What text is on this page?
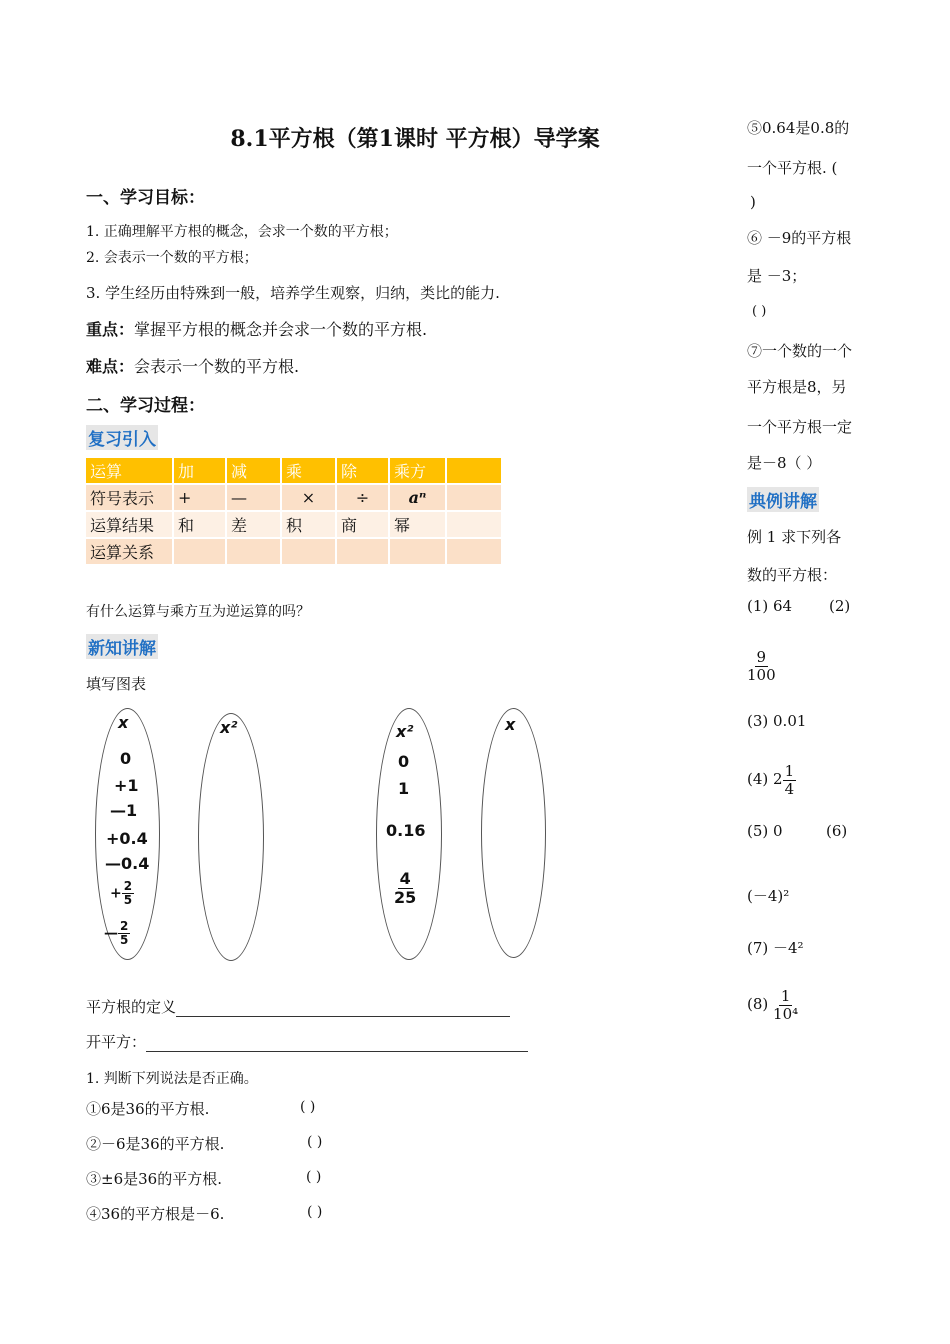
8.1平方根（第1课时 平方根）导学案
一、学习目标：
1. 正确理解平方根的概念，会求一个数的平方根；
2. 会表示一个数的平方根；
3. 学生经历由特殊到一般，培养学生观察，归纳，类比的能力.
重点：掌握平方根的概念并会求一个数的平方根.
难点：会表示一个数的平方根.
二、学习过程：
复习引入
运算	加	减	乘	除	乘方	
符号表示	+	—	×	÷	aⁿ	
运算结果	和	差	积	商	幂	
运算关系						
有什么运算与乘方互为逆运算的吗？
新知讲解
填写图表
x
0
+1
—1
+0.4
—0.4
+ $\frac{2}{5}$
— $\frac{2}{5}$
x²	x²
0
1
0.16
$\frac{4}{25}$
x
平方根的定义
开平方：
1. 判断下列说法是否正确。
①6是36的平方根.	( )
②－6是36的平方根.	( )
③±6是36的平方根.	( )
④36的平方根是－6.	( )
⑤0.64是0.8的
一个平方根. (
)
⑥ －9的平方根
是 －3；
( )
⑦一个数的一个
平方根是8，另
一个平方根一定
是－8（ ）
典例讲解
例 1 求下列各
数的平方根：
(1) 64 (2)
$\frac{9}{100}$
(3) 0.01
(4) $2 \frac{1}{4}$
(5) 0	(6)
(－4)²
(7) －4²
$(8) \frac{1}{\text{10⁴}}$
